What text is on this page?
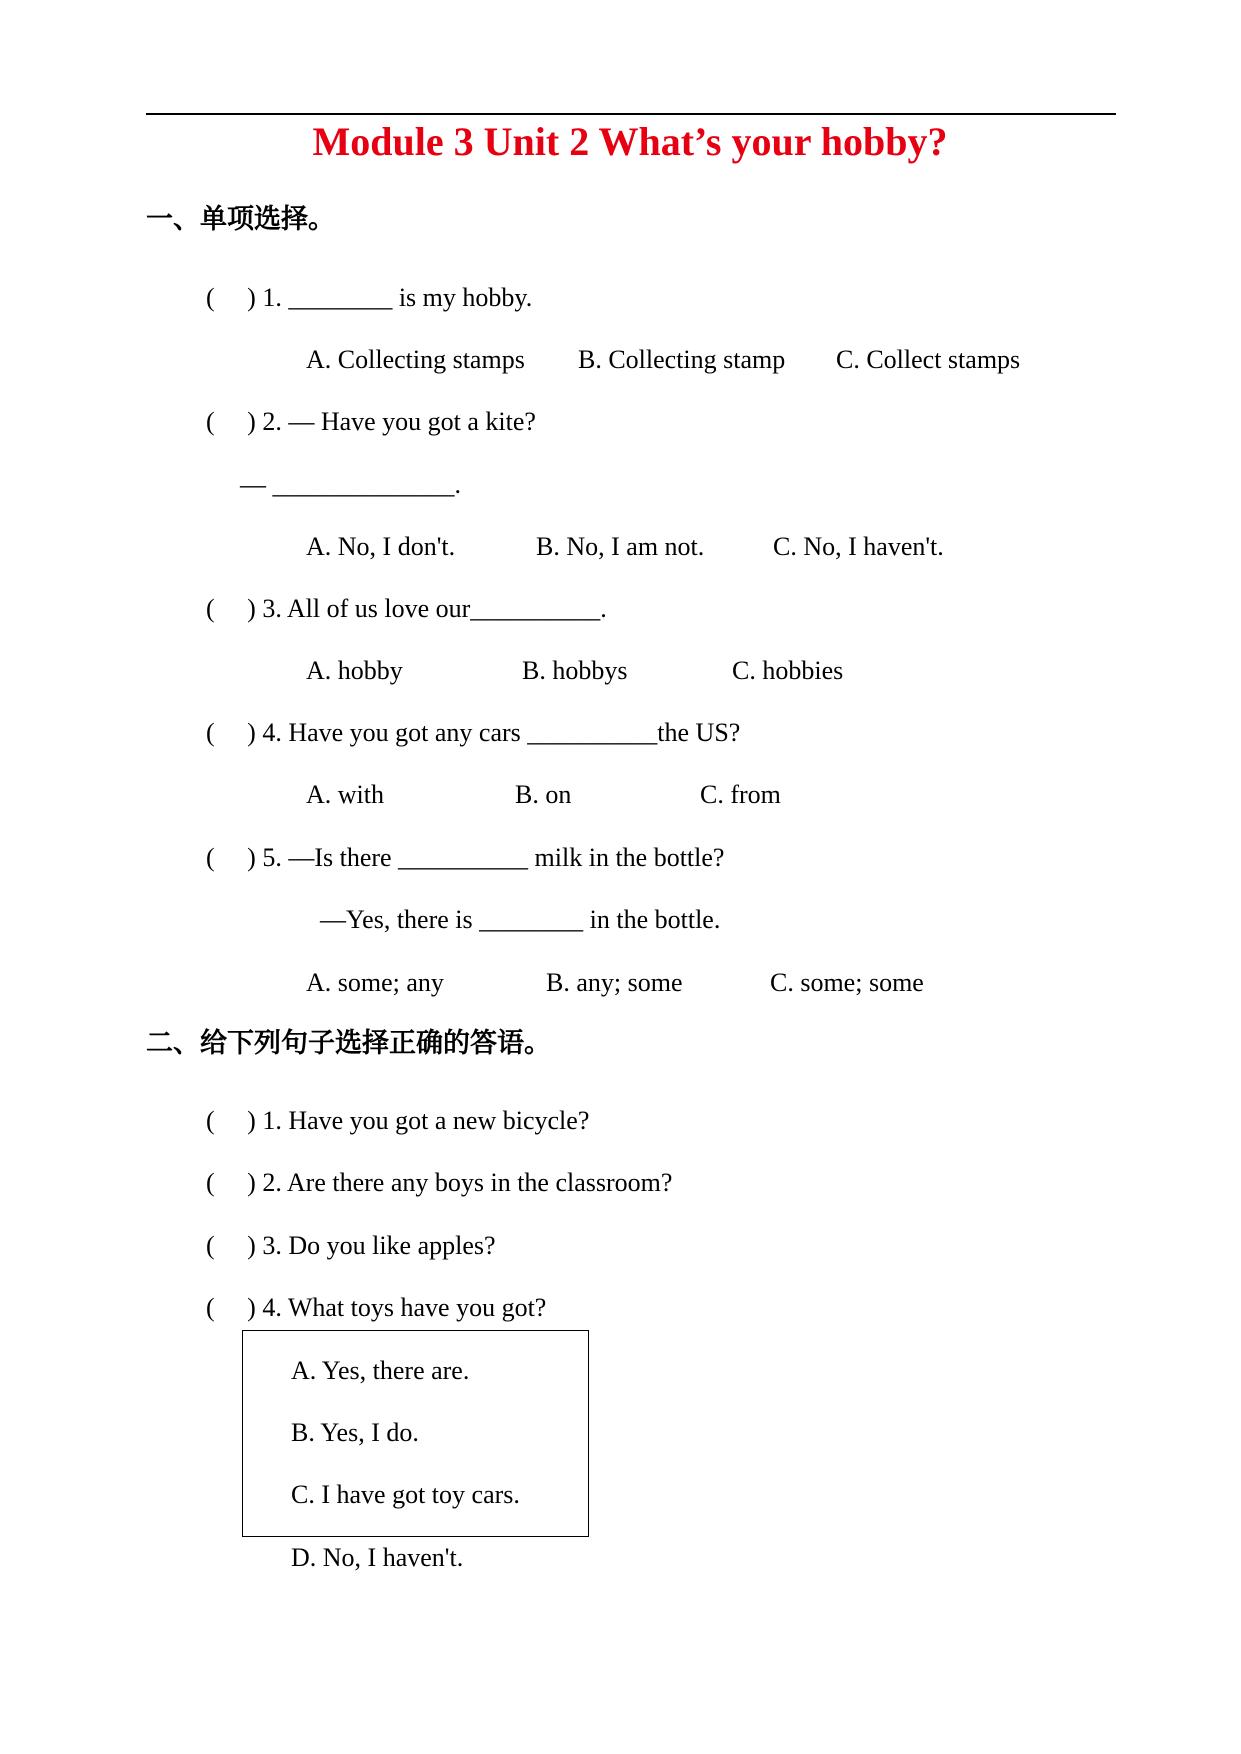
Module 3 Unit 2 What’s your hobby?
一、单项选择。
(     ) 1. ________ is my hobby.
A. Collecting stamps B. Collecting stamp C. Collect stamps
(     ) 2. — Have you got a kite?
— ______________.
A. No, I don't.	B. No, I am not.	C. No, I haven't.
(     ) 3. All of us love our__________.
A. hobby	B. hobbys	C. hobbies
(     ) 4. Have you got any cars __________the US?
A. with	B. on	C. from
(     ) 5. —Is there __________ milk in the bottle?
—Yes, there is ________ in the bottle.
A. some; any	B. any; some	C. some; some
二、给下列句子选择正确的答语。
(     ) 1. Have you got a new bicycle?
(     ) 2. Are there any boys in the classroom?
(     ) 3. Do you like apples?
(     ) 4. What toys have you got?
A. Yes, there are.
B. Yes, I do.
C. I have got toy cars.
D. No, I haven't.
